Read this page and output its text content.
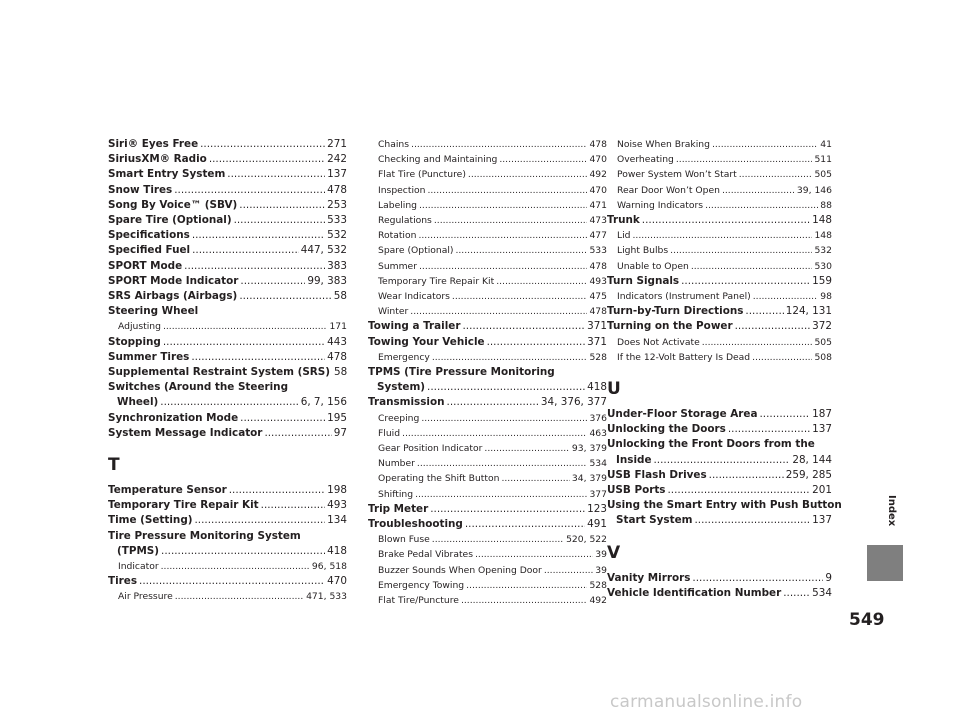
Siri® Eyes Free .....	271
SiriusXM® Radio .....	242
Smart Entry System .....	137
Snow Tires .....	478
Song By Voice™ (SBV) .....	253
Spare Tire (Optional) .....	533
Specifications .....	532
Specified Fuel .....	447, 532
SPORT Mode .....	383
SPORT Mode Indicator .....	99, 383
SRS Airbags (Airbags) .....	58
Steering Wheel
Adjusting .....	171
Stopping .....	443
Summer Tires .....	478
Supplemental Restraint System (SRS) 58
Switches (Around the Steering
Wheel) .....	6, 7, 156
Synchronization Mode .....	195
System Message Indicator .....	97
T
Temperature Sensor .....	198
Temporary Tire Repair Kit .....	493
Time (Setting) .....	134
Tire Pressure Monitoring System
(TPMS) .....	418
Indicator .....	96, 518
Tires .....	470
Air Pressure .....	471, 533
Chains .....	478
Checking and Maintaining .....	470
Flat Tire (Puncture) .....	492
Inspection .....	470
Labeling .....	471
Regulations .....	473
Rotation .....	477
Spare (Optional) .....	533
Summer .....	478
Temporary Tire Repair Kit .....	493
Wear Indicators .....	475
Winter .....	478
Towing a Trailer .....	371
Towing Your Vehicle .....	371
Emergency .....	528
TPMS (Tire Pressure Monitoring
System) .....	418
Transmission .....	34, 376, 377
Creeping .....	376
Fluid .....	463
Gear Position Indicator .....	93, 379
Number .....	534
Operating the Shift Button .....	34, 379
Shifting .....	377
Trip Meter .....	123
Troubleshooting .....	491
Blown Fuse .....	520, 522
Brake Pedal Vibrates .....	39
Buzzer Sounds When Opening Door .....	39
Emergency Towing .....	528
Flat Tire/Puncture .....	492
Noise When Braking .....	41
Overheating .....	511
Power System Won’t Start .....	505
Rear Door Won’t Open .....	39, 146
Warning Indicators .....	88
Trunk .....	148
Lid .....	148
Light Bulbs .....	532
Unable to Open .....	530
Turn Signals .....	159
Indicators (Instrument Panel) .....	98
Turn-by-Turn Directions .....	124, 131
Turning on the Power .....	372
Does Not Activate .....	505
If the 12-Volt Battery Is Dead .....	508
U
Under-Floor Storage Area .....	187
Unlocking the Doors .....	137
Unlocking the Front Doors from the
Inside .....	28, 144
USB Flash Drives .....	259, 285
USB Ports .....	201
Using the Smart Entry with Push Button
Start System .....	137
V
Vanity Mirrors .....	9
Vehicle Identification Number .....	534
Index
549
carmanualsonline.info
